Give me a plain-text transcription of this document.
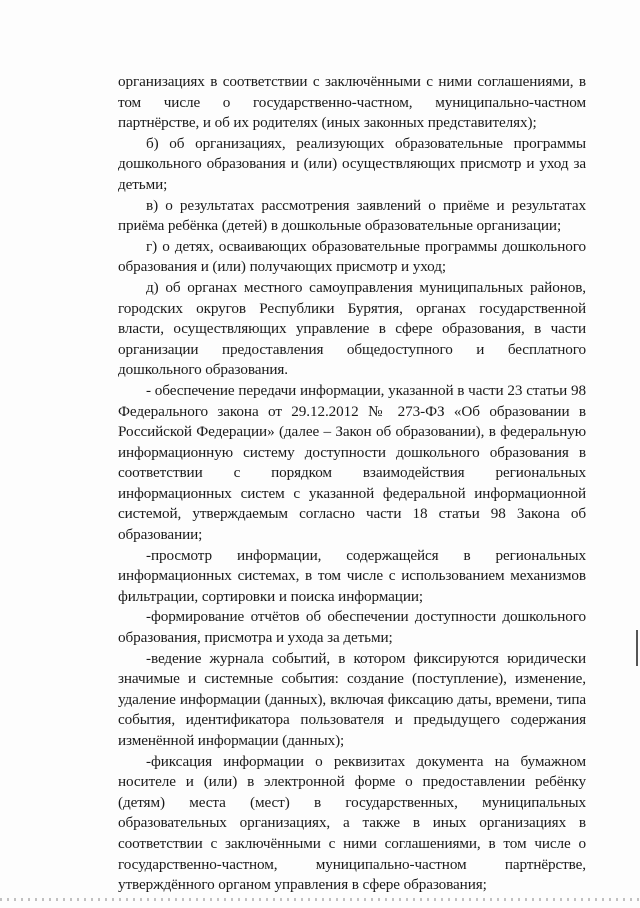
организациях в соответствии с заключёнными с ними соглашениями, в том числе о государственно-частном, муниципально-частном партнёрстве, и об их родителях (иных законных представителях);

б) об организациях, реализующих образовательные программы дошкольного образования и (или) осуществляющих присмотр и уход за детьми;

в) о результатах рассмотрения заявлений о приёме и результатах приёма ребёнка (детей) в дошкольные образовательные организации;

г) о детях, осваивающих образовательные программы дошкольного образования и (или) получающих присмотр и уход;

д) об органах местного самоуправления муниципальных районов, городских округов Республики Бурятия, органах государственной власти, осуществляющих управление в сфере образования, в части организации предоставления общедоступного и бесплатного дошкольного образования.

- обеспечение передачи информации, указанной в части 23 статьи 98 Федерального закона от 29.12.2012 № 273-ФЗ «Об образовании в Российской Федерации» (далее – Закон об образовании), в федеральную информационную систему доступности дошкольного образования в соответствии с порядком взаимодействия региональных информационных систем с указанной федеральной информационной системой, утверждаемым согласно части 18 статьи 98 Закона об образовании;

-просмотр информации, содержащейся в региональных информационных системах, в том числе с использованием механизмов фильтрации, сортировки и поиска информации;

-формирование отчётов об обеспечении доступности дошкольного образования, присмотра и ухода за детьми;

-ведение журнала событий, в котором фиксируются юридически значимые и системные события: создание (поступление), изменение, удаление информации (данных), включая фиксацию даты, времени, типа события, идентификатора пользователя и предыдущего содержания изменённой информации (данных);

-фиксация информации о реквизитах документа на бумажном носителе и (или) в электронной форме о предоставлении ребёнку (детям) места (мест) в государственных, муниципальных образовательных организациях, а также в иных организациях в соответствии с заключёнными с ними соглашениями, в том числе о государственно-частном, муниципально-частном партнёрстве, утверждённого органом управления в сфере образования;
